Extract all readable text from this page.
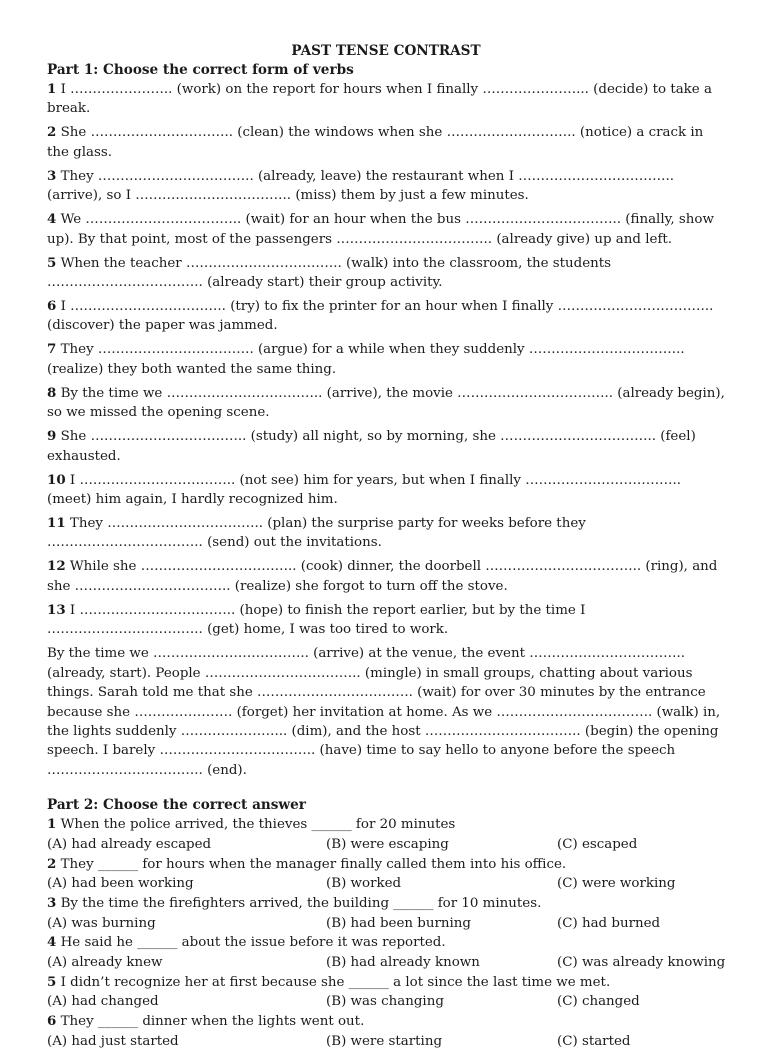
PAST TENSE CONTRAST
Part 1: Choose the correct form of verbs

1 I ………………….. (work) on the report for hours when I finally …………………... (decide) to take a break.

2 She ………………………….. (clean) the windows when she ……………………….. (notice) a crack in the glass.

3 They …………………………….. (already, leave) the restaurant when I …………………………….. (arrive), so I …………………………….. (miss) them by just a few minutes.

4 We …………………………….. (wait) for an hour when the bus …………………………….. (finally, show up). By that point, most of the passengers …………………………….. (already give) up and left.

5 When the teacher …………………………….. (walk) into the classroom, the students …………………………….. (already start) their group activity.

6 I …………………………….. (try) to fix the printer for an hour when I finally …………………………….. (discover) the paper was jammed.

7 They …………………………….. (argue) for a while when they suddenly …………………………….. (realize) they both wanted the same thing.

8 By the time we …………………………….. (arrive), the movie …………………………….. (already begin), so we missed the opening scene.

9 She …………………………….. (study) all night, so by morning, she …………………………….. (feel) exhausted.

10 I …………………………….. (not see) him for years, but when I finally …………………………….. (meet) him again, I hardly recognized him.

11 They …………………………….. (plan) the surprise party for weeks before they …………………………….. (send) out the invitations.

12 While she …………………………….. (cook) dinner, the doorbell …………………………….. (ring), and she …………………………….. (realize) she forgot to turn off the stove.

13 I …………………………….. (hope) to finish the report earlier, but by the time I …………………………….. (get) home, I was too tired to work.

By the time we …………………………….. (arrive) at the venue, the event …………………………….. (already, start). People …………………………….. (mingle) in small groups, chatting about various things. Sarah told me that she …………………………….. (wait) for over 30 minutes by the entrance because she …………………. (forget) her invitation at home. As we …………………………….. (walk) in, the lights suddenly …………………... (dim), and the host …………………………….. (begin) the opening speech. I barely …………………………….. (have) time to say hello to anyone before the speech …………………………….. (end).

Part 2: Choose the correct answer
1 When the police arrived, the thieves ______ for 20 minutes
(A) had already escaped	(B) were escaping	(C) escaped
2 They ______ for hours when the manager finally called them into his office.
(A) had been working	(B) worked	(C) were working
3 By the time the firefighters arrived, the building ______ for 10 minutes.
(A) was burning	(B) had been burning	(C) had burned
4 He said he ______ about the issue before it was reported.
(A) already knew	(B) had already known	(C) was already knowing
5 I didn’t recognize her at first because she ______ a lot since the last time we met.
(A) had changed	(B) was changing	(C) changed
6 They ______ dinner when the lights went out.
(A) had just started	(B) were starting	(C) started
